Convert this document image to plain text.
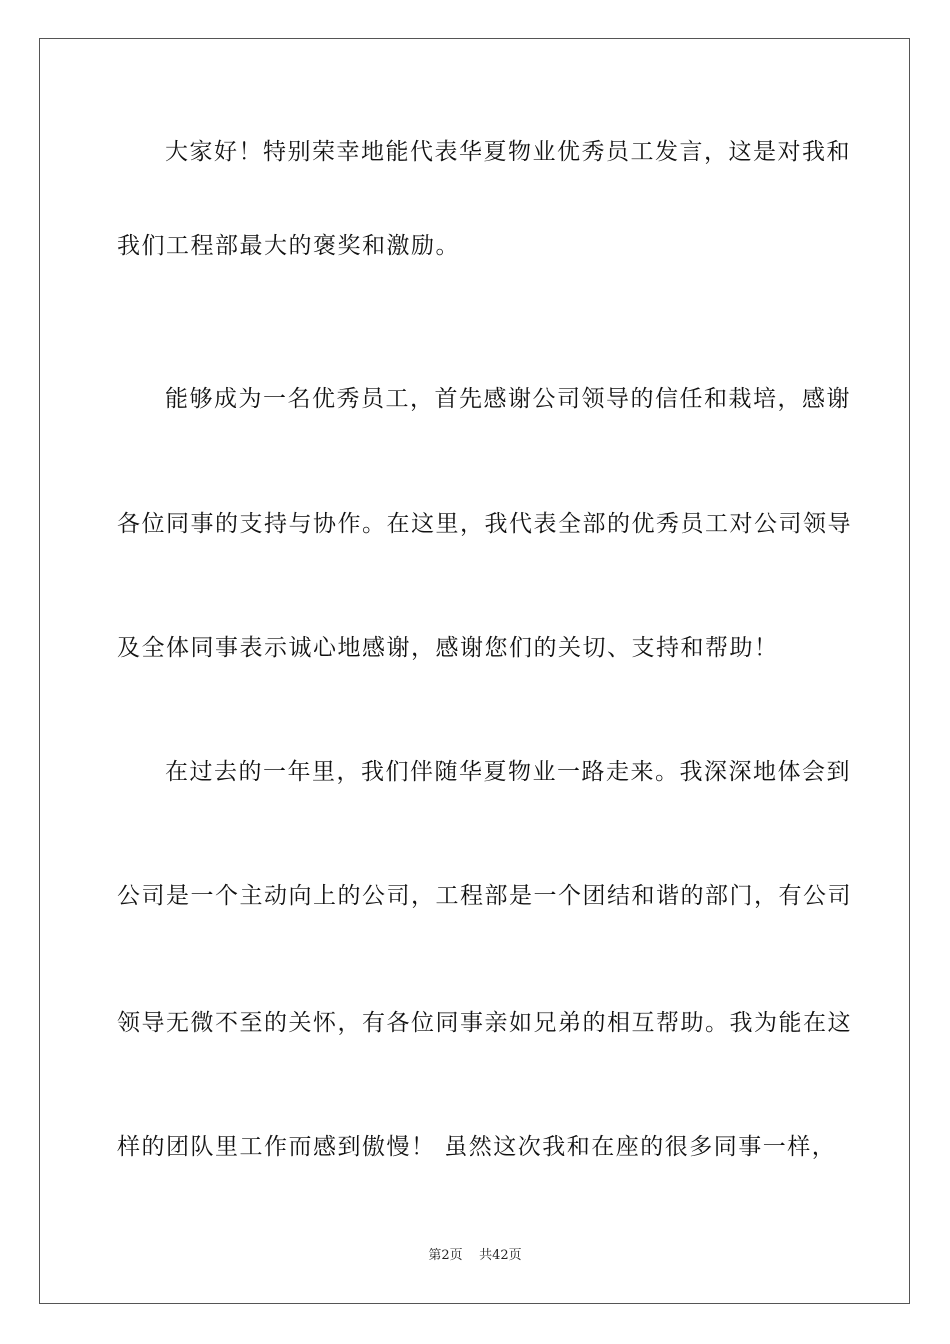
大家好！特别荣幸地能代表华夏物业优秀员工发言，这是对我和
我们工程部最大的褒奖和激励。
能够成为一名优秀员工，首先感谢公司领导的信任和栽培，感谢
各位同事的支持与协作。在这里，我代表全部的优秀员工对公司领导
及全体同事表示诚心地感谢，感谢您们的关切、支持和帮助！
在过去的一年里，我们伴随华夏物业一路走来。我深深地体会到
公司是一个主动向上的公司，工程部是一个团结和谐的部门，有公司
领导无微不至的关怀，有各位同事亲如兄弟的相互帮助。我为能在这
样的团队里工作而感到傲慢！ 虽然这次我和在座的很多同事一样，
第2页 共42页
